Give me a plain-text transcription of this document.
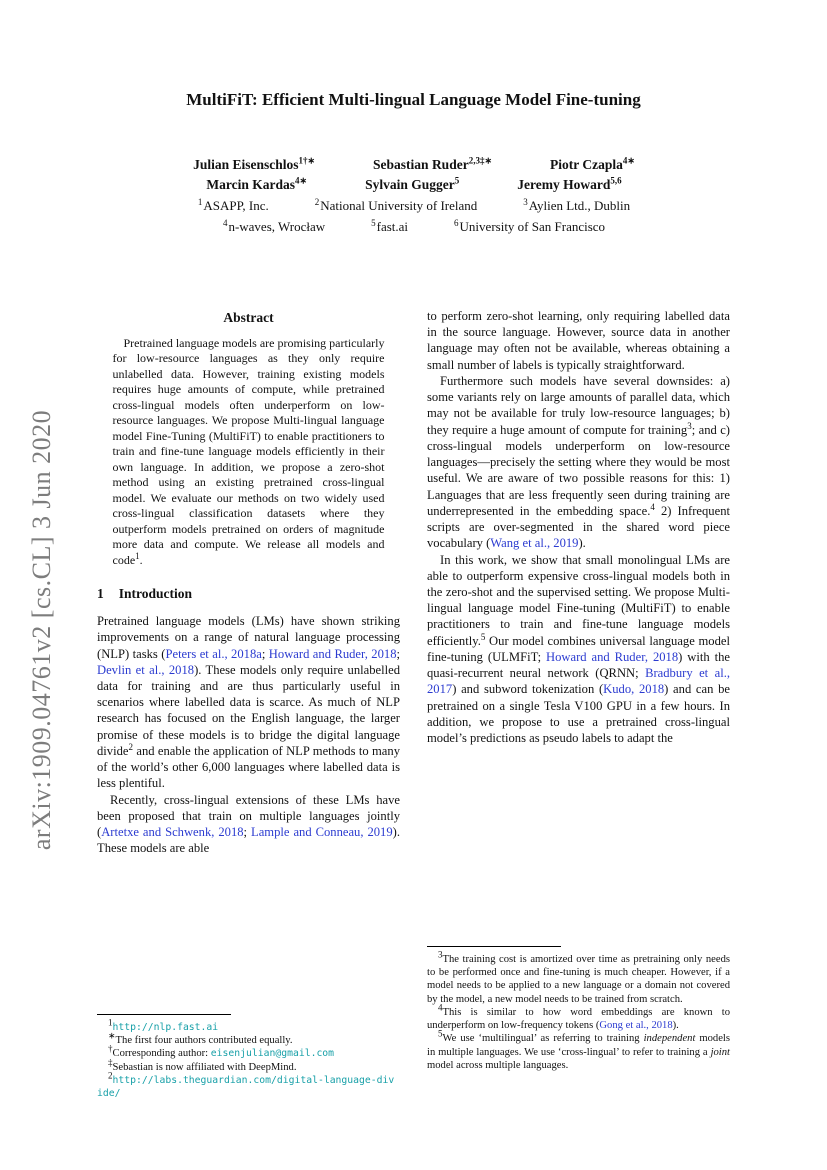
arXiv:1909.04761v2 [cs.CL] 3 Jun 2020
MultiFiT: Efficient Multi-lingual Language Model Fine-tuning
Julian Eisenschlos$^{1\dagger∗}$	Sebastian Ruder$^{2,3\ddagger∗}$	Piotr Czapla$^{4∗}$
Marcin Kardas$^{4∗}$	Sylvain Gugger$^5$	Jeremy Howard$^{5,6}$
$^1$ASAPP, Inc.	$^2$National University of Ireland	$^3$Aylien Ltd., Dublin
$^4$n-waves, Wrocław	$^5$fast.ai	$^6$University of San Francisco
Abstract

Pretrained language models are promising particularly for low-resource languages as they only require unlabelled data. However, training existing models requires huge amounts of compute, while pretrained cross-lingual models often underperform on low-resource languages. We propose Multi-lingual language model Fine-Tuning (MultiFiT) to enable practitioners to train and fine-tune language models efficiently in their own language. In addition, we propose a zero-shot method using an existing pretrained cross-lingual model. We evaluate our methods on two widely used cross-lingual classification datasets where they outperform models pretrained on orders of magnitude more data and compute. We release all models and code$^1$.

1 Introduction

Pretrained language models (LMs) have shown striking improvements on a range of natural language processing (NLP) tasks (Peters et al., 2018a; Howard and Ruder, 2018; Devlin et al., 2018). These models only require unlabelled data for training and are thus particularly useful in scenarios where labelled data is scarce. As much of NLP research has focused on the English language, the larger promise of these models is to bridge the digital language divide$^2$ and enable the application of NLP methods to many of the world’s other 6,000 languages where labelled data is less plentiful.

Recently, cross-lingual extensions of these LMs have been proposed that train on multiple languages jointly (Artetxe and Schwenk, 2018; Lample and Conneau, 2019). These models are able

to perform zero-shot learning, only requiring labelled data in the source language. However, source data in another language may often not be available, whereas obtaining a small number of labels is typically straightforward.

Furthermore such models have several downsides: a) some variants rely on large amounts of parallel data, which may not be available for truly low-resource languages; b) they require a huge amount of compute for training$^3$; and c) cross-lingual models underperform on low-resource languages—precisely the setting where they would be most useful. We are aware of two possible reasons for this: 1) Languages that are less frequently seen during training are underrepresented in the embedding space.$^4$ 2) Infrequent scripts are over-segmented in the shared word piece vocabulary (Wang et al., 2019).

In this work, we show that small monolingual LMs are able to outperform expensive cross-lingual models both in the zero-shot and the supervised setting. We propose Multi-lingual language model Fine-tuning (MultiFiT) to enable practitioners to train and fine-tune language models efficiently.$^5$ Our model combines universal language model fine-tuning (ULMFiT; Howard and Ruder, 2018) with the quasi-recurrent neural network (QRNN; Bradbury et al., 2017) and subword tokenization (Kudo, 2018) and can be pretrained on a single Tesla V100 GPU in a few hours. In addition, we propose to use a pretrained cross-lingual model’s predictions as pseudo labels to adapt the

$^1$http://nlp.fast.ai

∗The first four authors contributed equally.

†Corresponding author: eisenjulian@gmail.com

‡Sebastian is now affiliated with DeepMind.

$^2$http://labs.theguardian.com/digital-language-divide/

$^3$The training cost is amortized over time as pretraining only needs to be performed once and fine-tuning is much cheaper. However, if a model needs to be applied to a new language or a domain not covered by the model, a new model needs to be trained from scratch.

$^4$This is similar to how word embeddings are known to underperform on low-frequency tokens (Gong et al., 2018).

$^5$We use ‘multilingual’ as referring to training independent models in multiple languages. We use ‘cross-lingual’ to refer to training a joint model across multiple languages.
